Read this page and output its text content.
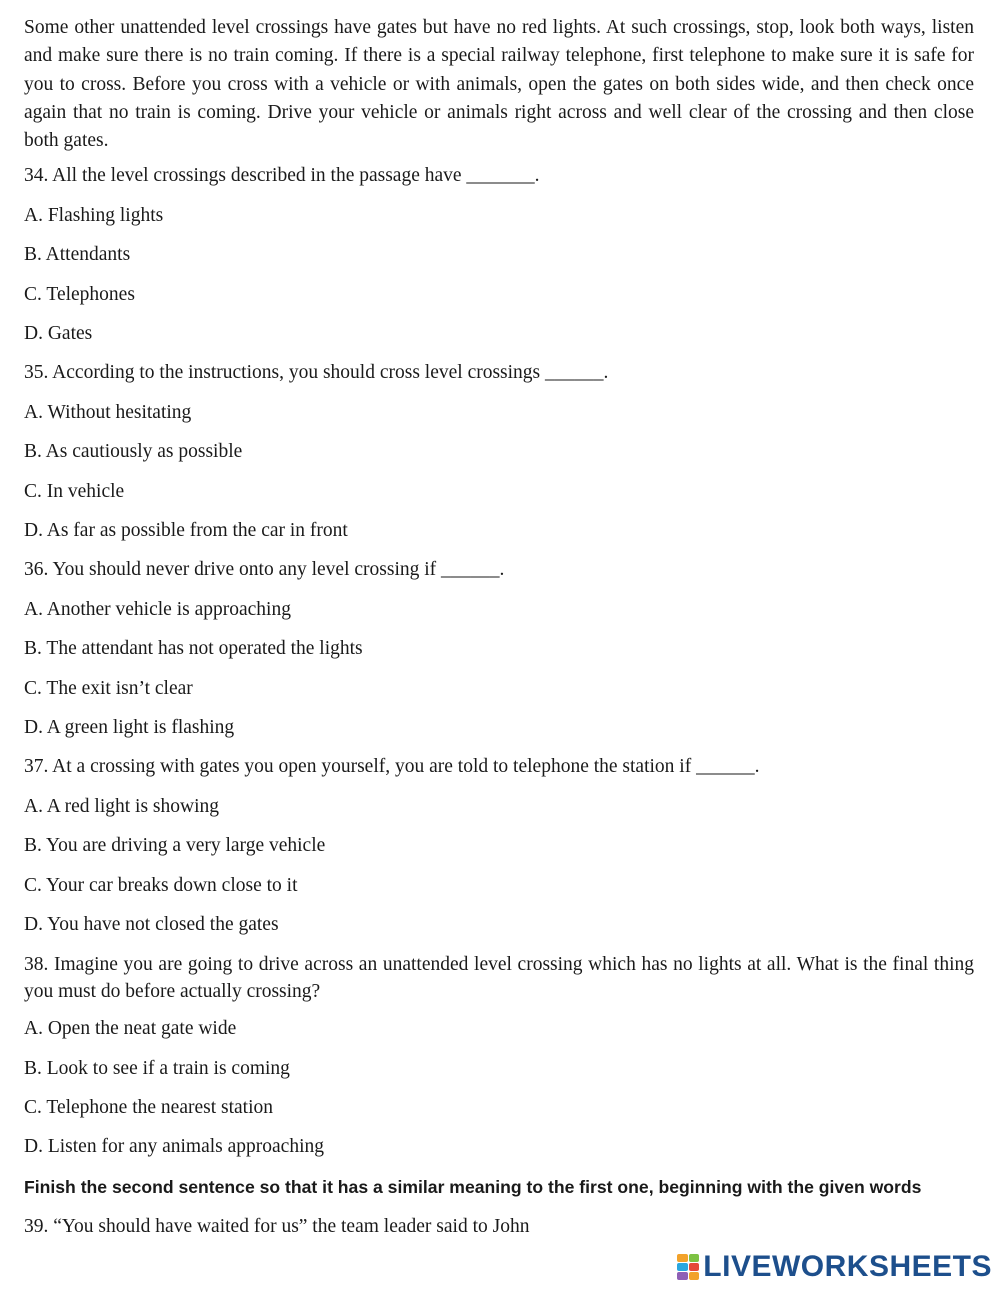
Some other unattended level crossings have gates but have no red lights. At such crossings, stop, look both ways, listen and make sure there is no train coming. If there is a special railway telephone, first telephone to make sure it is safe for you to cross. Before you cross with a vehicle or with animals, open the gates on both sides wide, and then check once again that no train is coming. Drive your vehicle or animals right across and well clear of the crossing and then close both gates.

34. All the level crossings described in the passage have _______.
A. Flashing lights
B. Attendants
C. Telephones
D. Gates
35. According to the instructions, you should cross level crossings ______.
A. Without hesitating
B. As cautiously as possible
C. In vehicle
D. As far as possible from the car in front
36. You should never drive onto any level crossing if ______.
A. Another vehicle is approaching
B. The attendant has not operated the lights
C. The exit isn’t clear
D. A green light is flashing
37. At a crossing with gates you open yourself, you are told to telephone the station if ______.
A. A red light is showing
B. You are driving a very large vehicle
C. Your car breaks down close to it
D. You have not closed the gates
38. Imagine you are going to drive across an unattended level crossing which has no lights at all. What is the final thing you must do before actually crossing?
A. Open the neat gate wide
B. Look to see if a train is coming
C. Telephone the nearest station
D. Listen for any animals approaching
Finish the second sentence so that it has a similar meaning to the first one, beginning with the given words
39. “You should have waited for us” the team leader said to John
LIVEWORKSHEETS
